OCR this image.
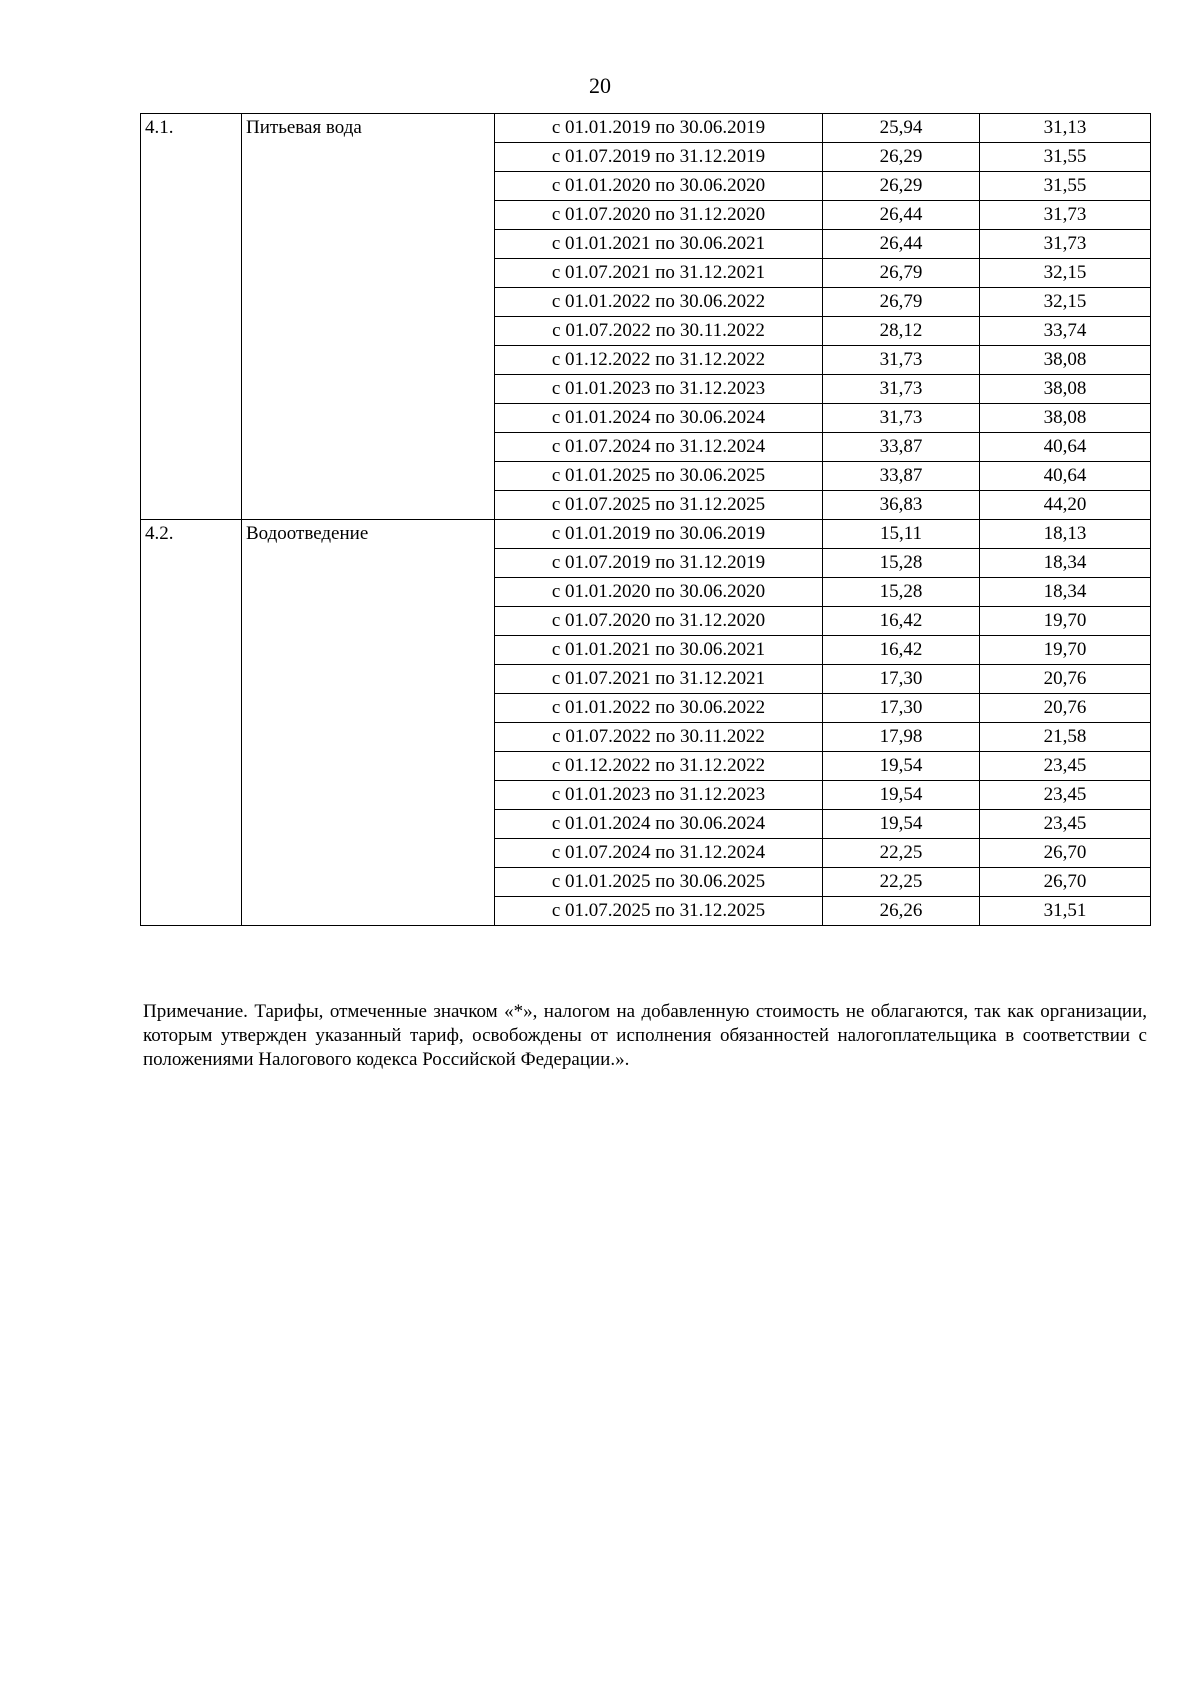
20
4.1.	Питьевая вода	с 01.01.2019 по 30.06.2019	25,94	31,13
		с 01.07.2019 по 31.12.2019	26,29	31,55
		с 01.01.2020 по 30.06.2020	26,29	31,55
		с 01.07.2020 по 31.12.2020	26,44	31,73
		с 01.01.2021 по 30.06.2021	26,44	31,73
		с 01.07.2021 по 31.12.2021	26,79	32,15
		с 01.01.2022 по 30.06.2022	26,79	32,15
		с 01.07.2022 по 30.11.2022	28,12	33,74
		с 01.12.2022 по 31.12.2022	31,73	38,08
		с 01.01.2023 по 31.12.2023	31,73	38,08
		с 01.01.2024 по 30.06.2024	31,73	38,08
		с 01.07.2024 по 31.12.2024	33,87	40,64
		с 01.01.2025 по 30.06.2025	33,87	40,64
		с 01.07.2025 по 31.12.2025	36,83	44,20
4.2.	Водоотведение	с 01.01.2019 по 30.06.2019	15,11	18,13
		с 01.07.2019 по 31.12.2019	15,28	18,34
		с 01.01.2020 по 30.06.2020	15,28	18,34
		с 01.07.2020 по 31.12.2020	16,42	19,70
		с 01.01.2021 по 30.06.2021	16,42	19,70
		с 01.07.2021 по 31.12.2021	17,30	20,76
		с 01.01.2022 по 30.06.2022	17,30	20,76
		с 01.07.2022 по 30.11.2022	17,98	21,58
		с 01.12.2022 по 31.12.2022	19,54	23,45
		с 01.01.2023 по 31.12.2023	19,54	23,45
		с 01.01.2024 по 30.06.2024	19,54	23,45
		с 01.07.2024 по 31.12.2024	22,25	26,70
		с 01.01.2025 по 30.06.2025	22,25	26,70
		с 01.07.2025 по 31.12.2025	26,26	31,51
Примечание. Тарифы, отмеченные значком «*», налогом на добавленную стоимость не облагаются, так как организации, которым утвержден указанный тариф, освобождены от исполнения обязанностей налогоплательщика в соответствии с положениями Налогового кодекса Российской Федерации.».
